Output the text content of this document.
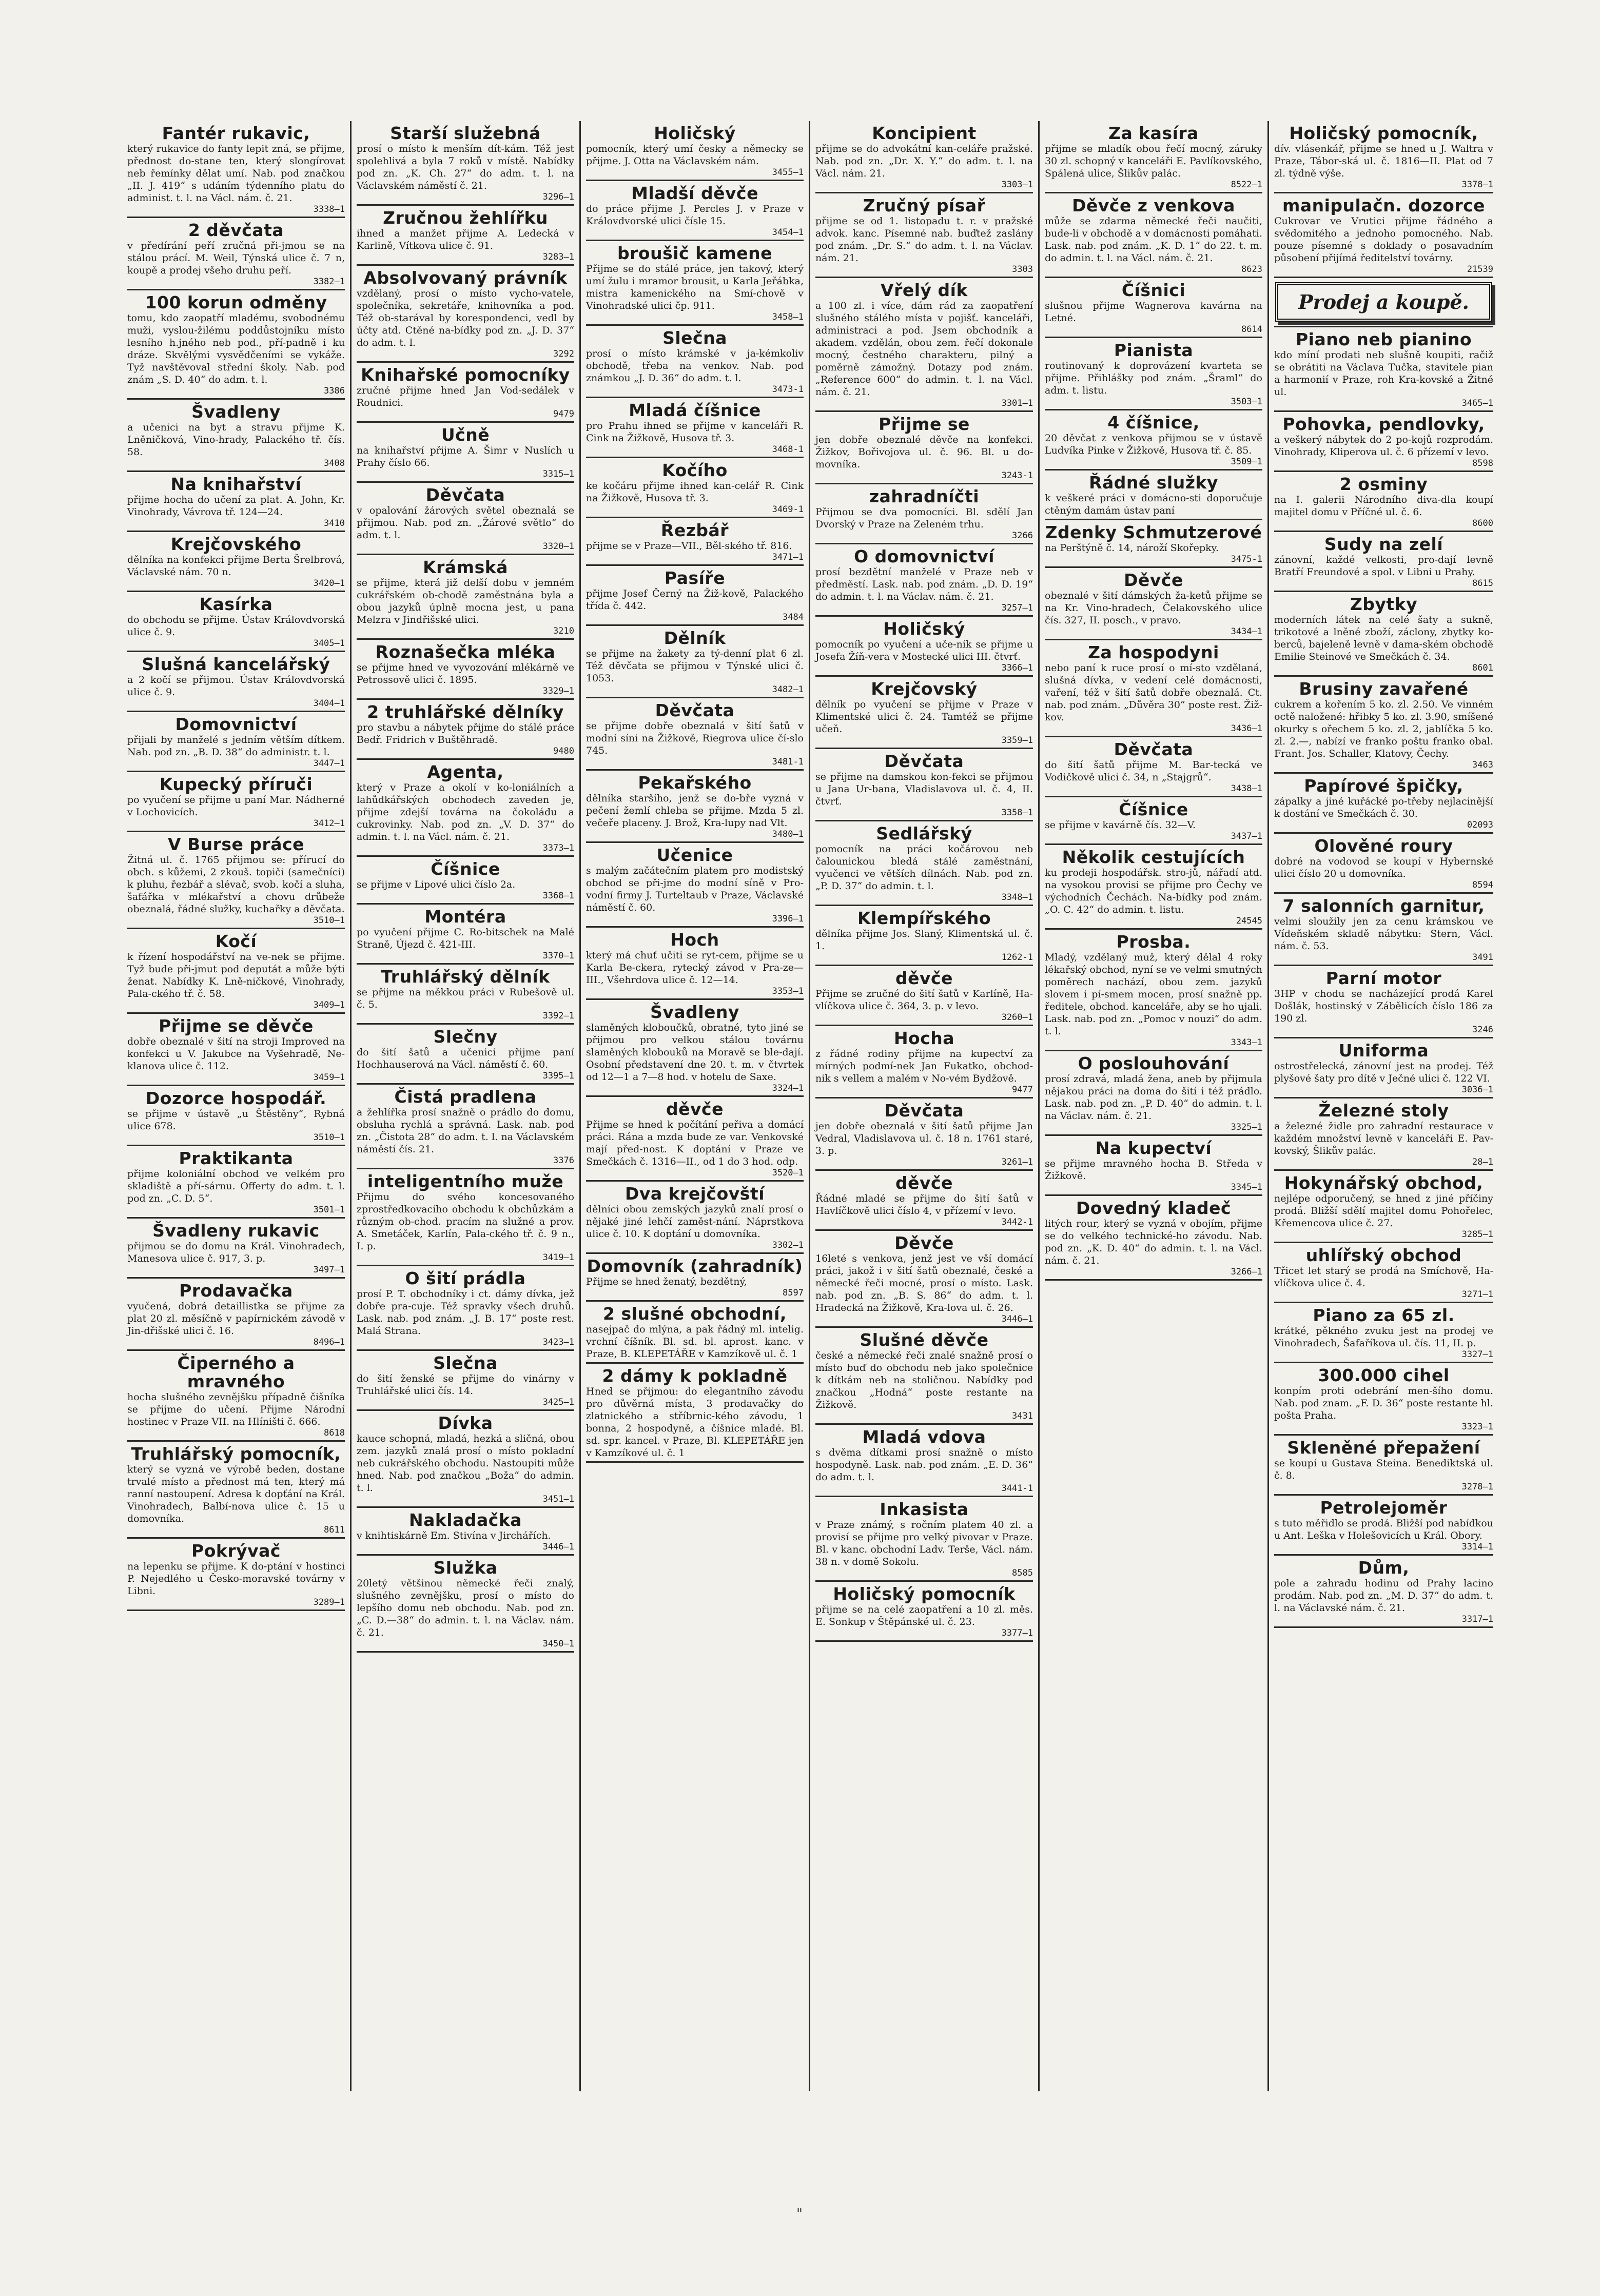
Fantér rukavic,
který rukavice do fanty lepit zná, se přijme, přednost do-stane ten, který slongírovat neb řemínky dělat umí. Nab. pod značkou „II. J. 419“ s udáním týdenního platu do administ. t. l. na Václ. nám. č. 21.
3338—1
2 děvčata
v předírání peří zručná při-jmou se na stálou prácí. M. Weil, Týnská ulice č. 7 n, koupě a prodej všeho druhu peří.
3382—1
100 korun odměny
tomu, kdo zaopatří mladému, svobodnému muži, vyslou-žilému poddůstojníku místo lesního h.jného neb pod., pří-padně i ku dráze. Skvělými vysvědčeními se vykáže. Tyž navštěvoval střední školy. Nab. pod znám „S. D. 40“ do adm. t. l.
3386
Švadleny
a učenici na byt a stravu přijme K. Lněničková, Vino-hrady, Palackého tř. čís. 58.
3408
Na knihařství
přijme hocha do učení za plat. A. John, Kr. Vinohrady, Vávrova tř. 124—24.
3410
Krejčovského
dělníka na konfekci přijme Berta Šrelbrová, Václavské nám. 70 n.
3420—1
Kasírka
do obchodu se přijme. Ústav Královdvorská ulice č. 9.
3405—1
Slušná kancelářský
a 2 kočí se přijmou. Ústav Královdvorská ulice č. 9.
3404—1
Domovnictví
přijali by manželé s jedním větším dítkem. Nab. pod zn. „B. D. 38“ do administr. t. l.
3447—1
Kupecký příruči
po vyučení se přijme u paní Mar. Nádherné v Lochovicích.
3412—1
V Burse práce
Žitná ul. č. 1765 přijmou se: přírucí do obch. s kůžemi, 2 zkouš. topiči (samečníci) k pluhu, řezbář a slévač, svob. kočí a sluha, šafářka v mlékařství a chovu drůbeže obeznalá, řádné služky, kuchařky a děvčata.
3510—1
Kočí
k řízení hospodářství na ve-nek se přijme. Tyž bude při-jmut pod deputát a může býti ženat. Nabídky K. Lně-ničkové, Vinohrady, Pala-ckého tř. č. 58.
3409—1
Přijme se děvče
dobře obeznalé v šití na stroji Improved na konfekci u V. Jakubce na Vyšehradě, Ne-klanova ulice č. 112.
3459—1
Dozorce hospodář.
se přijme v ústavě „u Štěstěny“, Rybná ulice 678.
3510—1
Praktikanta
přijme koloniální obchod ve velkém pro skladiště a pří-sárnu. Offerty do adm. t. l. pod zn. „C. D. 5“.
3501—1
Švadleny rukavic
přijmou se do domu na Král. Vinohradech, Manesova ulice č. 917, 3. p.
3497—1
Prodavačka
vyučená, dobrá detaillistka se přijme za plat 20 zl. měsíčně v papírnickém závodě v Jin-dřišské ulici č. 16.
8496—1
Čiperného a mravného
hocha slušného zevnějšku případně čišníka se přijme do učení. Přijme Národní hostinec v Praze VII. na Hlíništi č. 666.
8618
Truhlářský pomocník,
který se vyzná ve výrobě beden, dostane trvalé místo a přednost má ten, který má ranní nastoupení. Adresa k dopťání na Král. Vinohradech, Balbí-nova ulice č. 15 u domovníka.
8611
Pokrývač
na lepenku se přijme. K do-ptání v hostinci P. Nejedlého u Česko-moravské továrny v Libni.
3289—1
Starší služebná
prosí o místo k menším dít-kám. Též jest spolehlivá a byla 7 roků v místě. Nabídky pod zn. „K. Ch. 27“ do adm. t. l. na Václavském náměstí č. 21.
3296—1
Zručnou žehlířku
ihned a manžet přijme A. Ledecká v Karlině, Vítkova ulice č. 91.
3283—1
Absolvovaný právník
vzdělaný, prosí o místo vycho-vatele, společníka, sekretáře, knihovníka a pod. Též ob-starával by korespondenci, vedl by účty atd. Ctěné na-bídky pod zn. „J. D. 37“ do adm. t. l.
3292
Knihařské pomocníky
zručné přijme hned Jan Vod-sedálek v Roudnici.
9479
Učně
na knihařství přijme A. Šimr v Nuslích u Prahy číslo 66.
3315—1
Děvčata
v opalování žárových světel obeznalá se přijmou. Nab. pod zn. „Žárové světlo“ do adm. t. l.
3320—1
Krámská
se přijme, která již delší dobu v jemném cukrářském ob-chodě zaměstnána byla a obou jazyků úplně mocna jest, u pana Melzra v Jindřišské ulici.
3210
Roznašečka mléka
se přijme hned ve vyvozování mlékárně ve Petrossově ulici č. 1895.
3329—1
2 truhlářské dělníky
pro stavbu a nábytek přijme do stálé práce Bedř. Fridrich v Buštěhradě.
9480
Agenta,
který v Praze a okolí v ko-loniálních a lahůdkářských obchodech zaveden je, přijme zdejší továrna na čokoládu a cukrovinky. Nab. pod zn. „V. D. 37“ do admin. t. l. na Václ. nám. č. 21.
3373—1
Číšnice
se přijme v Lipové ulici číslo 2a.
3368—1
Montéra
po vyučení přijme C. Ro-bitschek na Malé Straně, Újezd č. 421-III.
3370—1
Truhlářský dělník
se přijme na měkkou práci v Rubešově ul. č. 5.
3392—1
Slečny
do šití šatů a učenici přijme paní Hochhauserová na Václ. náměstí č. 60.
3395—1
Čistá pradlena
a žehlířka prosí snažně o prádlo do domu, obsluha rychlá a správná. Lask. nab. pod zn. „Čistota 28“ do adm. t. l. na Václavském náměstí čís. 21.
3376
inteligentního muže
Přijmu do svého koncesovaného zprostředkovacího obchodu k obchůzkám a různým ob-chod. pracím na služné a prov. A. Smetáček, Karlín, Pala-ckého tř. č. 9 n., I. p.
3419—1
O šití prádla
prosí P. T. obchodníky i ct. dámy dívka, jež dobře pra-cuje. Též spravky všech druhů. Lask. nab. pod znám. „J. B. 17“ poste rest. Malá Strana.
3423—1
Slečna
do šití ženské se přijme do vinárny v Truhlářské ulici čís. 14.
3425—1
Dívka
kauce schopná, mladá, hezká a sličná, obou zem. jazyků znalá prosí o místo pokladní neb cukrářského obchodu. Nastoupiti může hned. Nab. pod značkou „Boža“ do admin. t. l.
3451—1
Nakladačka
v knihtiskárně Em. Stivína v Jirchářích.
3446—1
Služka
20letý většinou německé řeči znalý, slušného zevnějšku, prosí o místo do lepšího domu neb obchodu. Nab. pod zn. „C. D.—38“ do admin. t. l. na Václav. nám. č. 21.
3450—1
Holičský
pomocník, který umí česky a německy se přijme. J. Otta na Václavském nám.
3455—1
Mladší děvče
do práce přijme J. Percles J. v Praze v Královdvorské ulici čísle 15.
3454—1
broušič kamene
Přijme se do stálé práce, jen takový, který umí žulu i mramor brousit, u Karla Jeřábka, mistra kamenického na Smí-chově v Vinohradské ulici čp. 911.
3458—1
Slečna
prosí o místo krámské v ja-kémkoliv obchodě, třeba na venkov. Nab. pod známkou „J. D. 36“ do adm. t. l.
3473-1
Mladá číšnice
pro Prahu ihned se přijme v kanceláři R. Cink na Žižkově, Husova tř. 3.
3468-1
Kočího
ke kočáru přijme ihned kan-celář R. Cink na Žižkově, Husova tř. 3.
3469-1
Řezbář
přijme se v Praze—VII., Běl-ského tř. 816.
3471—1
Pasíře
přijme Josef Černý na Žiž-kově, Palackého třída č. 442.
3484
Dělník
se přijme na žakety za tý-denní plat 6 zl. Též děvčata se přijmou v Týnské ulici č. 1053.
3482—1
Děvčata
se přijme dobře obeznalá v šití šatů v modní síni na Žižkově, Riegrova ulice čí-slo 745.
3481-1
Pekařského
dělníka staršího, jenž se do-bře vyzná v pečení žemlí chleba se přijme. Mzda 5 zl. večeře placeny. J. Brož, Kra-lupy nad Vlt.
3480—1
Učenice
s malým začátečním platem pro modistský obchod se při-jme do modní síně v Pro-vodní firmy J. Turteltaub v Praze, Václavské náměstí č. 60.
3396—1
Hoch
který má chuť učiti se ryt-cem, přijme se u Karla Be-ckera, rytecký závod v Pra-ze—III., Všehrdova ulice č. 12—14.
3353—1
Švadleny
slaměných kloboučků, obratné, tyto jiné se přijmou pro velkou stálou továrnu slaměných klobouků na Moravě se ble-dají. Osobní představení dne 20. t. m. v čtvrtek od 12—1 a 7—8 hod. v hotelu de Saxe.
3324—1
děvče
Přijme se hned k počítání peřiva a domácí práci. Rána a mzda bude ze var. Venkovské mají před-nost. K doptání v Praze ve Smečkách č. 1316—II., od 1 do 3 hod. odp.
3520—1
Dva krejčovští
dělníci obou zemských jazyků znalí prosí o nějaké jiné lehčí zaměst-nání. Náprstkova ulice č. 10. K doptání u domovníka.
3302—1
Domovník (zahradník)
Přijme se hned ženatý, bezdětný,
8597
2 slušné obchodní,
nasejpač do mlýna, a pak řádný ml. intelig. vrchní číšník. Bl. sd. bl. aprost. kanc. v Praze, B. KLEPETÁŘE v Kamzíkově ul. č. 1
2 dámy k pokladně
Hned se přijmou: do elegantního závodu pro důvěrná místa, 3 prodavačky do zlatnického a stříbrnic-kého závodu, 1 bonna, 2 hospodyně, a číšnice mladé. Bl. sd. spr. kancel. v Praze, Bl. KLEPETÁŘE jen v Kamzíkové ul. č. 1
Koncipient
přijme se do advokátní kan-celáře pražské. Nab. pod zn. „Dr. X. Y.“ do adm. t. l. na Václ. nám. 21.
3303—1
Zručný písař
přijme se od 1. listopadu t. r. v pražské advok. kanc. Písemné nab. buďtež zaslány pod znám. „Dr. S.“ do adm. t. l. na Václav. nám. 21.
3303
Vřelý dík
a 100 zl. i více, dám rád za zaopatření slušného stálého místa v pojišť. kanceláři, administraci a pod. Jsem obchodník a akadem. vzdělán, obou zem. řečí dokonale mocný, čestného charakteru, pilný a poměrně zámožný. Dotazy pod znám. „Reference 600“ do admin. t. l. na Václ. nám. č. 21.
3301—1
Přijme se
jen dobře obeznalé děvče na konfekci. Žižkov, Bořivojova ul. č. 96. Bl. u do-movníka.
3243-1
zahradníčti
Přijmou se dva pomocníci. Bl. sdělí Jan Dvorský v Praze na Zeleném trhu.
3266
O domovnictví
prosí bezdětní manželé v Praze neb v předměstí. Lask. nab. pod znám. „D. D. 19“ do admin. t. l. na Václav. nám. č. 21.
3257—1
Holičský
pomocník po vyučení a uče-ník se přijme u Josefa Žíň-vera v Mostecké ulici III. čtvrť.
3366—1
Krejčovský
dělník po vyučení se přijme v Praze v Klimentské ulici č. 24. Tamtéž se přijme učeň.
3359—1
Děvčata
se přijme na damskou kon-fekci se přijmou u Jana Ur-bana, Vladislavova ul. č. 4, II. čtvrť.
3358—1
Sedlářský
pomocník na práci kočárovou neb čalounickou bledá stálé zaměstnání, vyučenci ve větších dílnách. Nab. pod zn. „P. D. 37“ do admin. t. l.
3348—1
Klempířského
dělníka přijme Jos. Slaný, Klimentská ul. č. 1.
1262-1
děvče
Přijme se zručné do šití šatů v Karlíně, Ha-vlíčkova ulice č. 364, 3. p. v levo.
3260—1
Hocha
z řádné rodiny přijme na kupectví za mírných podmí-nek Jan Fukatko, obchod-nik s vellem a malém v No-vém Bydžově.
9477
Děvčata
jen dobře obeznalá v šití šatů přijme Jan Vedral, Vladislavova ul. č. 18 n. 1761 staré, 3. p.
3261—1
děvče
Řádné mladé se přijme do šití šatů v Havlíčkově ulici číslo 4, v přízemí v levo.
3442-1
Děvče
16leté s venkova, jenž jest ve vší domácí práci, jakož i v šití šatů obeznalé, české a německé řeči mocné, prosí o místo. Lask. nab. pod zn. „B. S. 86“ do adm. t. l. Hradecká na Žižkově, Kra-lova ul. č. 26.
3446—1
Slušné děvče
české a německé řeči znalé snažně prosí o místo buď do obchodu neb jako společnice k dítkám neb na stoličnou. Nabídky pod značkou „Hodná“ poste restante na Žižkově.
3431
Mladá vdova
s dvěma dítkami prosí snažně o místo hospodyně. Lask. nab. pod znám. „E. D. 36“ do adm. t. l.
3441-1
Inkasista
v Praze známý, s ročním platem 40 zl. a provisí se přijme pro velký pivovar v Praze. Bl. v kanc. obchodní Ladv. Terše, Václ. nám. 38 n. v domě Sokolu.
8585
Holičský pomocník
přijme se na celé zaopatření a 10 zl. měs. E. Sonkup v Štěpánské ul. č. 23.
3377—1
Za kasíra
přijme se mladík obou řečí mocný, záruky 30 zl. schopný v kanceláři E. Pavlíkovského, Spálená ulice, Šlikův palác.
8522—1
Děvče z venkova
může se zdarma německé řeči naučiti, bude-li v obchodě a v domácnosti pomáhati. Lask. nab. pod znám. „K. D. 1“ do 22. t. m. do admin. t. l. na Václ. nám. č. 21.
8623
Číšnici
slušnou přijme Wagnerova kavárna na Letné.
8614
Pianista
routinovaný k doprovázení kvarteta se přijme. Přihlášky pod znám. „Šraml“ do adm. t. listu.
3503—1
4 číšnice,
20 děvčat z venkova přijmou se v ústavě Ludvíka Pinke v Žižkově, Husova tř. č. 85.
3509—1
Řádné služky
k veškeré práci v domácno-sti doporučuje ctěným damám ústav paní
Zdenky Schmutzerové
na Perštýně č. 14, nároží Skořepky.
3475-1
Děvče
obeznalé v šití dámských ža-ketů přijme se na Kr. Vino-hradech, Čelakovského ulice čís. 327, II. posch., v pravo.
3434—1
Za hospodyni
nebo paní k ruce prosí o mí-sto vzdělaná, slušná dívka, v vedení celé domácnosti, vaření, též v šití šatů dobře obeznalá. Ct. nab. pod znám. „Důvěra 30“ poste rest. Žiž-kov.
3436—1
Děvčata
do šití šatů přijme M. Bar-tecká ve Vodičkově ulici č. 34, n „Stajgrů“.
3438—1
Číšnice
se přijme v kavárně čís. 32—V.
3437—1
Několik cestujících
ku prodeji hospodářsk. stro-jů, nářadí atd. na vysokou provisi se přijme pro Čechy ve východních Čechách. Na-bídky pod znám. „O. C. 42“ do admin. t. listu.
24545
Prosba.
Mladý, vzdělaný muž, který dělal 4 roky lékařský obchod, nyní se ve velmi smutných poměrech nachází, obou zem. jazyků slovem i pí-smem mocen, prosí snažně pp. ředitele, obchod. kanceláře, aby se ho ujali. Lask. nab. pod zn. „Pomoc v nouzi“ do adm. t. l.
3343—1
O poslouhování
prosí zdravá, mladá žena, aneb by přijmula nějakou práci na doma do šití i též prádlo. Lask. nab. pod zn. „P. D. 40“ do admin. t. l. na Václav. nám. č. 21.
3325—1
Na kupectví
se přijme mravného hocha B. Středa v Žižkově.
3345—1
Dovedný kladeč
litých rour, který se vyzná v obojím, přijme se do velkého technické-ho závodu. Nab. pod zn. „K. D. 40“ do admin. t. l. na Václ. nám. č. 21.
3266—1
Holičský pomocník,
dív. vlásenkář, přijme se hned u J. Waltra v Praze, Tábor-ská ul. č. 1816—II. Plat od 7 zl. týdně výše.
3378—1
manipulačn. dozorce
Cukrovar ve Vrutici přijme řádného a svědomitého a jednoho pomocného. Nab. pouze písemné s doklady o posavadním působení přijímá ředitelství továrny.
21539
Prodej a koupě.
Piano neb pianino
kdo míní prodati neb slušně koupiti, račiž se obrátiti na Václava Tučka, stavitele pian a harmonií v Praze, roh Kra-kovské a Žitné ul.
3465—1
Pohovka, pendlovky,
a veškerý nábytek do 2 po-kojů rozprodám. Vinohrady, Kliperova ul. č. 6 přízemí v levo.
8598
2 osminy
na I. galerii Národního diva-dla koupí majitel domu v Příčné ul. č. 6.
8600
Sudy na zelí
zánovní, každé velkosti, pro-dají levně Bratří Freundové a spol. v Libni u Prahy.
8615
Zbytky
moderních látek na celé šaty a sukně, trikotové a lněné zboží, záclony, zbytky ko-berců, bajeleně levně v dama-ském obchodě Emilie Steinové ve Smečkách č. 34.
8601
Brusiny zavařené
cukrem a kořením 5 ko. zl. 2.50. Ve vinném octě naložené: hřibky 5 ko. zl. 3.90, smíšené okurky s ořechem 5 ko. zl. 2, jablíčka 5 ko. zl. 2.—, nabízí ve franko poštu franko obal. Frant. Jos. Schaller, Klatovy, Čechy.
3463
Papírové špičky,
zápalky a jiné kuřácké po-třeby nejlacinější k dostání ve Smečkách č. 30.
02093
Olověné roury
dobré na vodovod se koupí v Hybernské ulici číslo 20 u domovníka.
8594
7 salonních garnitur,
velmi sloužily jen za cenu krámskou ve Vídeňském skladě nábytku: Stern, Václ. nám. č. 53.
3491
Parní motor
3HP v chodu se nacházející prodá Karel Došlák, hostinský v Zábělicích číslo 186 za 190 zl.
3246
Uniforma
ostrostřelecká, zánovní jest na prodej. Též plyšové šaty pro dítě v Ječné ulici č. 122 VI.
3036—1
Železné stoly
a železné židle pro zahradní restaurace v každém množství levně v kanceláři E. Pav-kovský, Šlikův palác.
28—1
Hokynářský obchod,
nejlépe odporučený, se hned z jiné příčiny prodá. Bližší sdělí majitel domu Pohořelec, Křemencova ulice č. 27.
3285—1
uhlířský obchod
Třicet let starý se prodá na Smíchově, Ha-vlíčkova ulice č. 4.
3271—1
Piano za 65 zl.
krátké, pěkného zvuku jest na prodej ve Vinohradech, Šafaříkova ul. čís. 11, II. p.
3327—1
300.000 cihel
konpím proti odebrání men-šího domu. Nab. pod znam. „F. D. 36“ poste restante hl. pošta Praha.
3323—1
Skleněné přepažení
se koupí u Gustava Steina. Benediktská ul. č. 8.
3278—1
Petrolejoměr
s tuto měřidlo se prodá. Bližší pod nabídkou u Ant. Leška v Holešovicích u Král. Obory.
3314—1
Dům,
pole a zahradu hodinu od Prahy lacino prodám. Nab. pod zn. „M. D. 37“ do adm. t. l. na Václavské nám. č. 21.
3317—1
"
